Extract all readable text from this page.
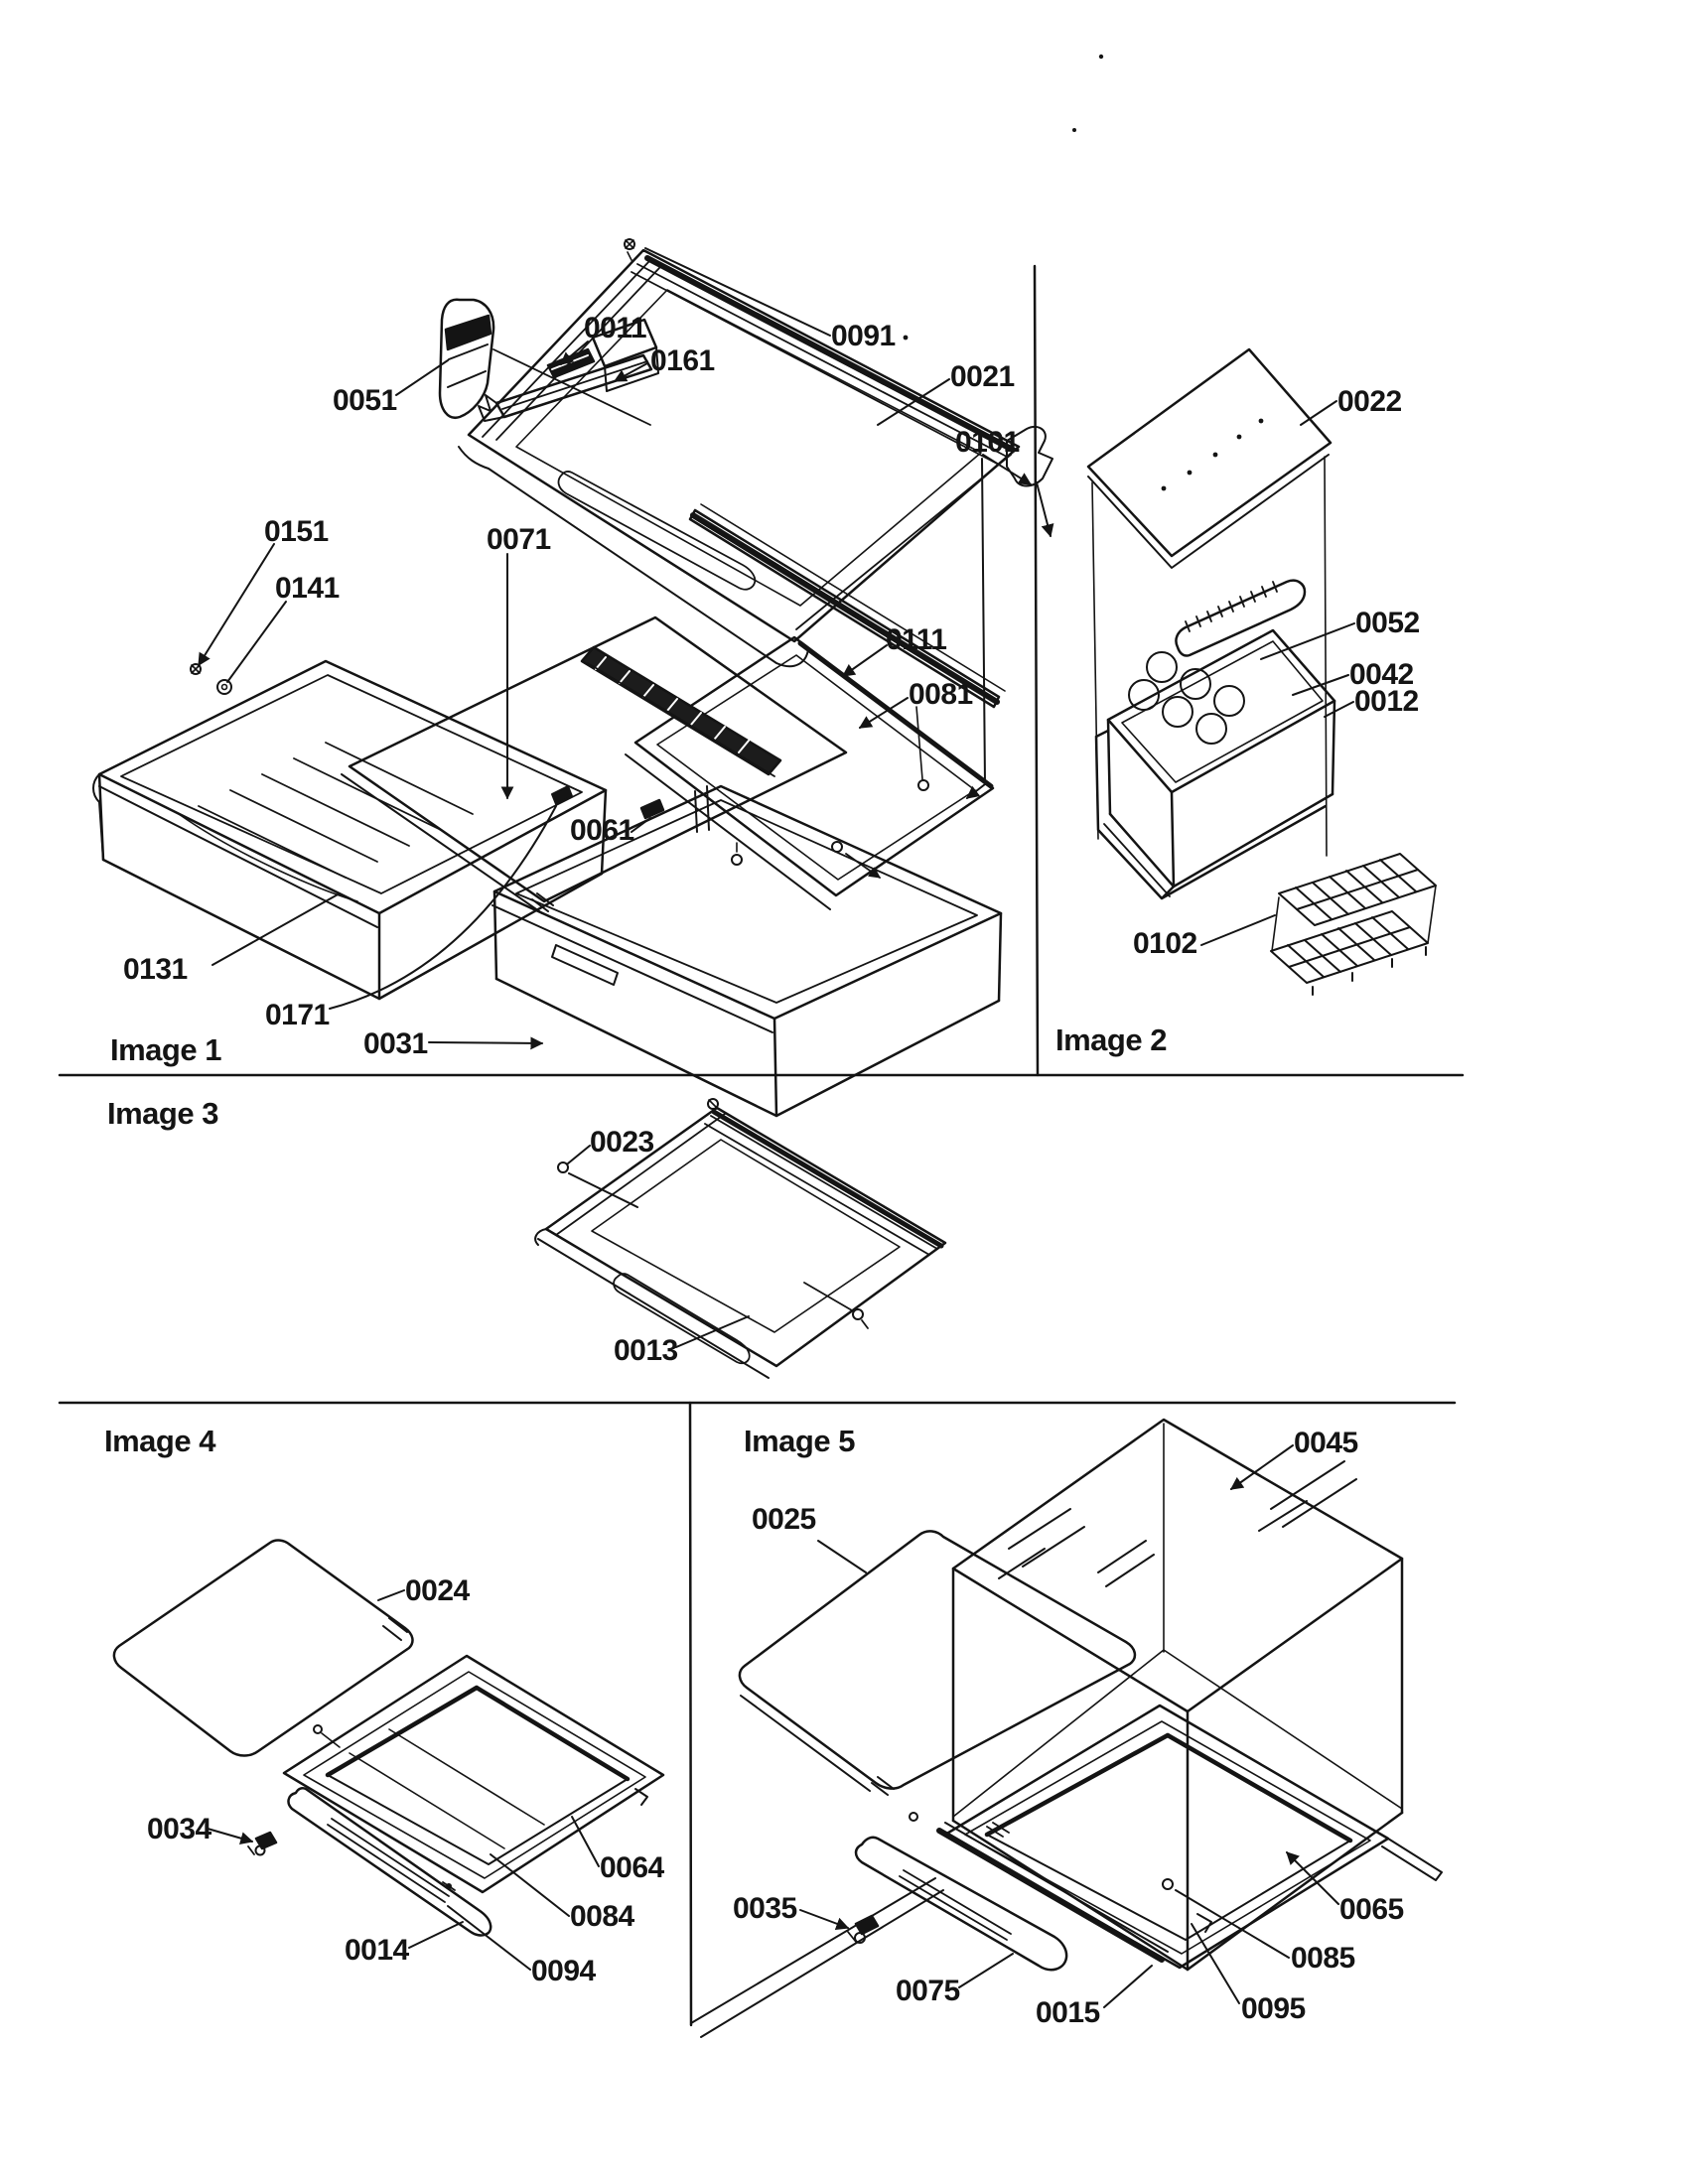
0011
0161
0051
0091
0021
0101
0071
0151
0141
0111
0081
0061
0131
0171
0031
0022
0052
0042
0012
0102
0023
0013
0024
0034
0064
0084
0014
0094
0025
0045
0035
0075
0015	0095
0085
0065
Image 1	Image 2
Image 3
Image 4	Image 5
